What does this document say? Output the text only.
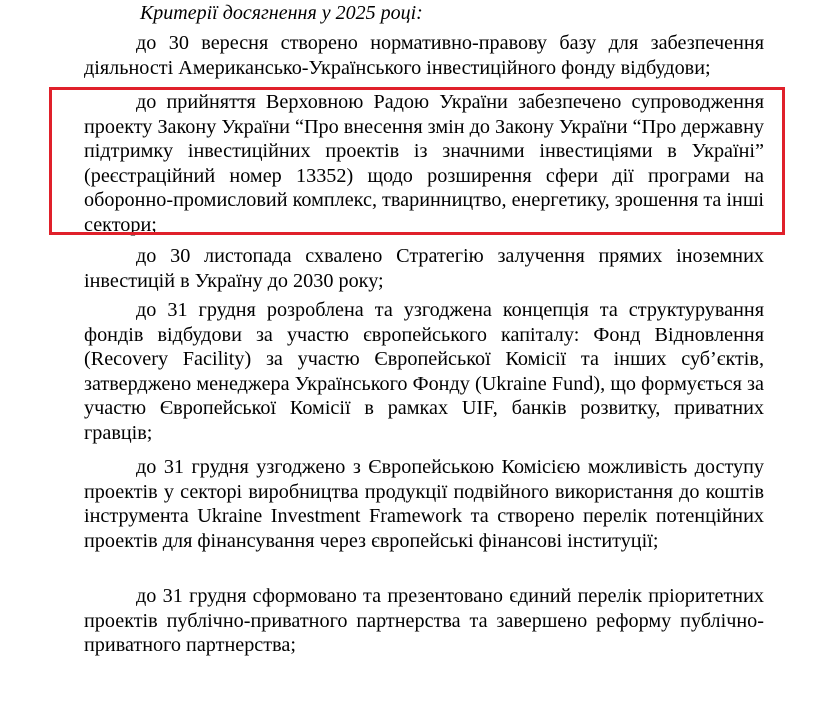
Критерії досягнення у 2025 році:

до 30 вересня створено нормативно-правову базу для забезпечення діяльності Американсько-Українського інвестиційного фонду відбудови;

до прийняття Верховною Радою України забезпечено супроводження проекту Закону України “Про внесення змін до Закону України “Про державну підтримку інвестиційних проектів із значними інвестиціями в Україні” (реєстраційний номер 13352) щодо розширення сфери дії програми на оборонно-промисловий комплекс, тваринництво, енергетику, зрошення та інші сектори;

до 30 листопада схвалено Стратегію залучення прямих іноземних інвестицій в Україну до 2030 року;

до 31 грудня розроблена та узгоджена концепція та структурування фондів відбудови за участю європейського капіталу: Фонд Відновлення (Recovery Facility) за участю Європейської Комісії та інших суб’єктів, затверджено менеджера Українського Фонду (Ukraine Fund), що формується за участю Європейської Комісії в рамках UIF, банків розвитку, приватних гравців;

до 31 грудня узгоджено з Європейською Комісією можливість доступу проектів у секторі виробництва продукції подвійного використання до коштів інструмента Ukraine Investment Framework та створено перелік потенційних проектів для фінансування через європейські фінансові інституції;

до 31 грудня сформовано та презентовано єдиний перелік пріоритетних проектів публічно-приватного партнерства та завершено реформу публічно-приватного партнерства;
